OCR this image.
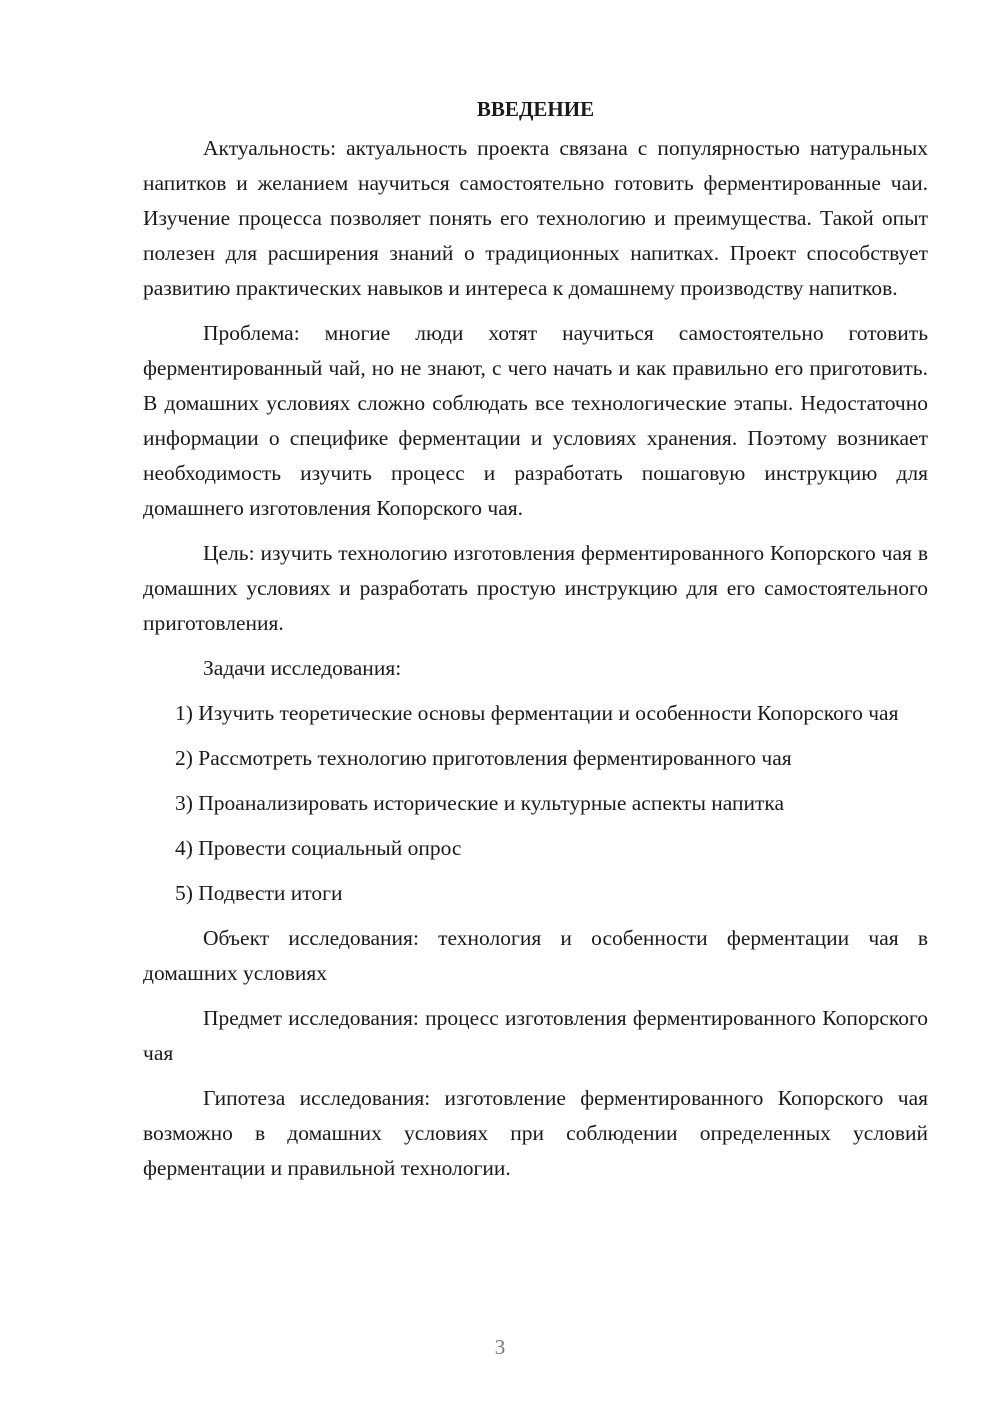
ВВЕДЕНИЕ

Актуальность: актуальность проекта связана с популярностью натуральных напитков и желанием научиться самостоятельно готовить ферментированные чаи. Изучение процесса позволяет понять его технологию и преимущества. Такой опыт полезен для расширения знаний о традиционных напитках. Проект способствует развитию практических навыков и интереса к домашнему производству напитков.

Проблема: многие люди хотят научиться самостоятельно готовить ферментированный чай, но не знают, с чего начать и как правильно его приготовить. В домашних условиях сложно соблюдать все технологические этапы. Недостаточно информации о специфике ферментации и условиях хранения. Поэтому возникает необходимость изучить процесс и разработать пошаговую инструкцию для домашнего изготовления Копорского чая.

Цель: изучить технологию изготовления ферментированного Копорского чая в домашних условиях и разработать простую инструкцию для его самостоятельного приготовления.

Задачи исследования:

1) Изучить теоретические основы ферментации и особенности Копорского чая

2) Рассмотреть технологию приготовления ферментированного чая

3) Проанализировать исторические и культурные аспекты напитка

4) Провести социальный опрос

5) Подвести итоги

Объект исследования: технология и особенности ферментации чая в домашних условиях

Предмет исследования: процесс изготовления ферментированного Копорского чая

Гипотеза исследования: изготовление ферментированного Копорского чая возможно в домашних условиях при соблюдении определенных условий ферментации и правильной технологии.

3
